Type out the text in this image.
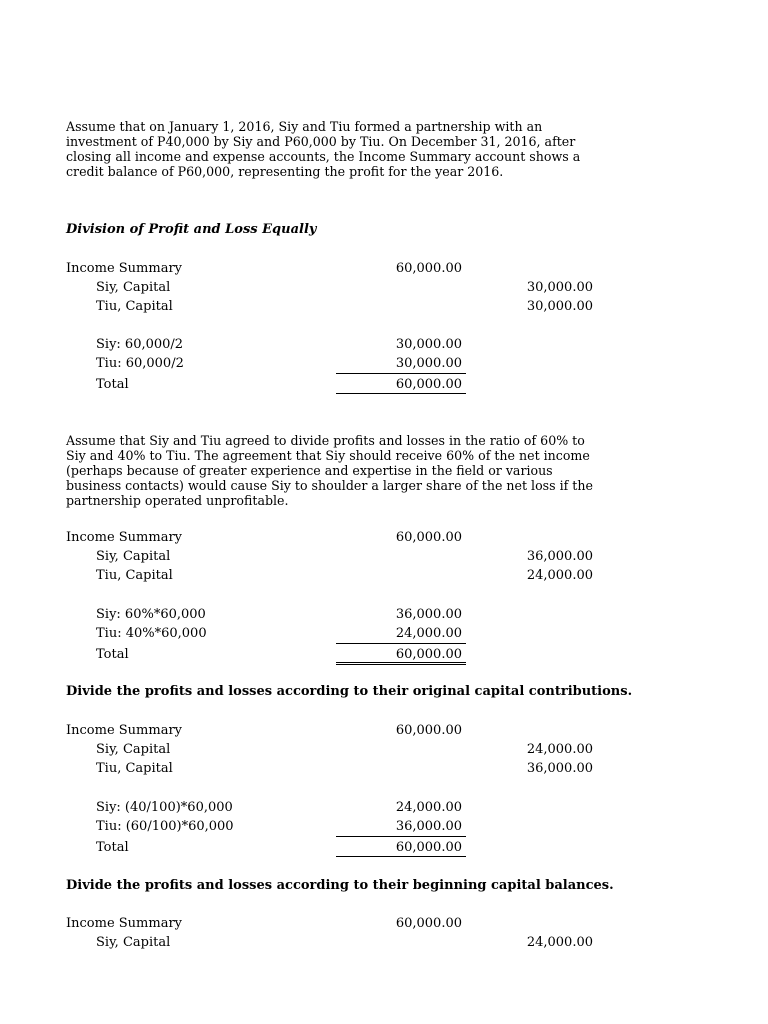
Assume that on January 1, 2016, Siy and Tiu formed a partnership with an investment of P40,000 by Siy and P60,000 by Tiu. On December 31, 2016, after closing all income and expense accounts, the Income Summary account shows a credit balance of P60,000, representing the profit for the year 2016.

Division of Profit and Loss Equally
Income Summary	60,000.00
Siy, Capital	30,000.00
Tiu, Capital	30,000.00
Siy: 60,000/2	30,000.00
Tiu: 60,000/2	30,000.00
Total	60,000.00

Assume that Siy and Tiu agreed to divide profits and losses in the ratio of 60% to Siy and 40% to Tiu. The agreement that Siy should receive 60% of the net income (perhaps because of greater experience and expertise in the field or various business contacts) would cause Siy to shoulder a larger share of the net loss if the partnership operated unprofitable.

Income Summary	60,000.00
Siy, Capital	36,000.00
Tiu, Capital	24,000.00
Siy: 60%*60,000	36,000.00
Tiu: 40%*60,000	24,000.00
Total	60,000.00
Divide the profits and losses according to their original capital contributions.
Income Summary	60,000.00
Siy, Capital	24,000.00
Tiu, Capital	36,000.00
Siy: (40/100)*60,000	24,000.00
Tiu: (60/100)*60,000	36,000.00
Total	60,000.00
Divide the profits and losses according to their beginning capital balances.
Income Summary	60,000.00
Siy, Capital	24,000.00
